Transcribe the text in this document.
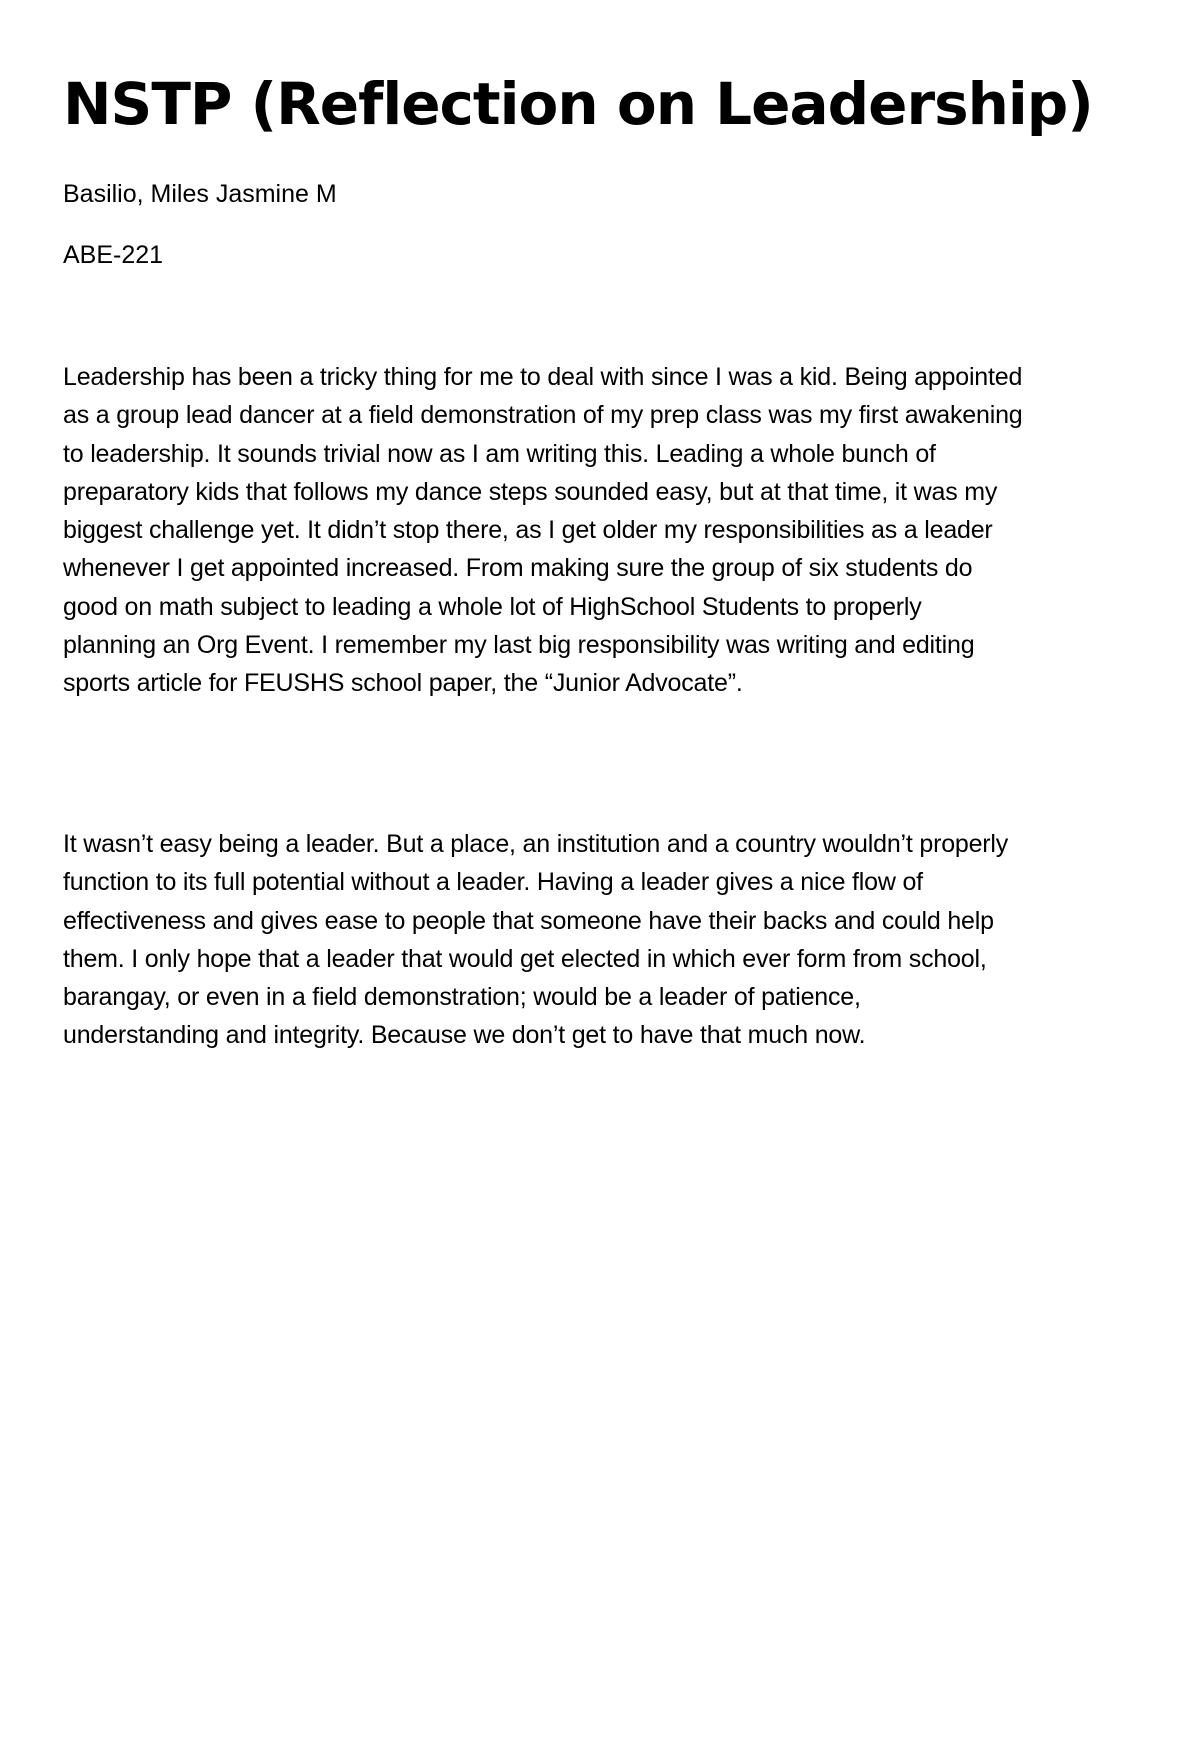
NSTP (Reflection on Leadership)

Basilio, Miles Jasmine M

ABE-221

Leadership has been a tricky thing for me to deal with since I was a kid. Being appointed
as a group lead dancer at a field demonstration of my prep class was my first awakening
to leadership. It sounds trivial now as I am writing this. Leading a whole bunch of
preparatory kids that follows my dance steps sounded easy, but at that time, it was my
biggest challenge yet. It didn’t stop there, as I get older my responsibilities as a leader
whenever I get appointed increased. From making sure the group of six students do
good on math subject to leading a whole lot of HighSchool Students to properly
planning an Org Event. I remember my last big responsibility was writing and editing
sports article for FEUSHS school paper, the “Junior Advocate”.

It wasn’t easy being a leader. But a place, an institution and a country wouldn’t properly
function to its full potential without a leader. Having a leader gives a nice flow of
effectiveness and gives ease to people that someone have their backs and could help
them. I only hope that a leader that would get elected in which ever form from school,
barangay, or even in a field demonstration; would be a leader of patience,
understanding and integrity. Because we don’t get to have that much now.
